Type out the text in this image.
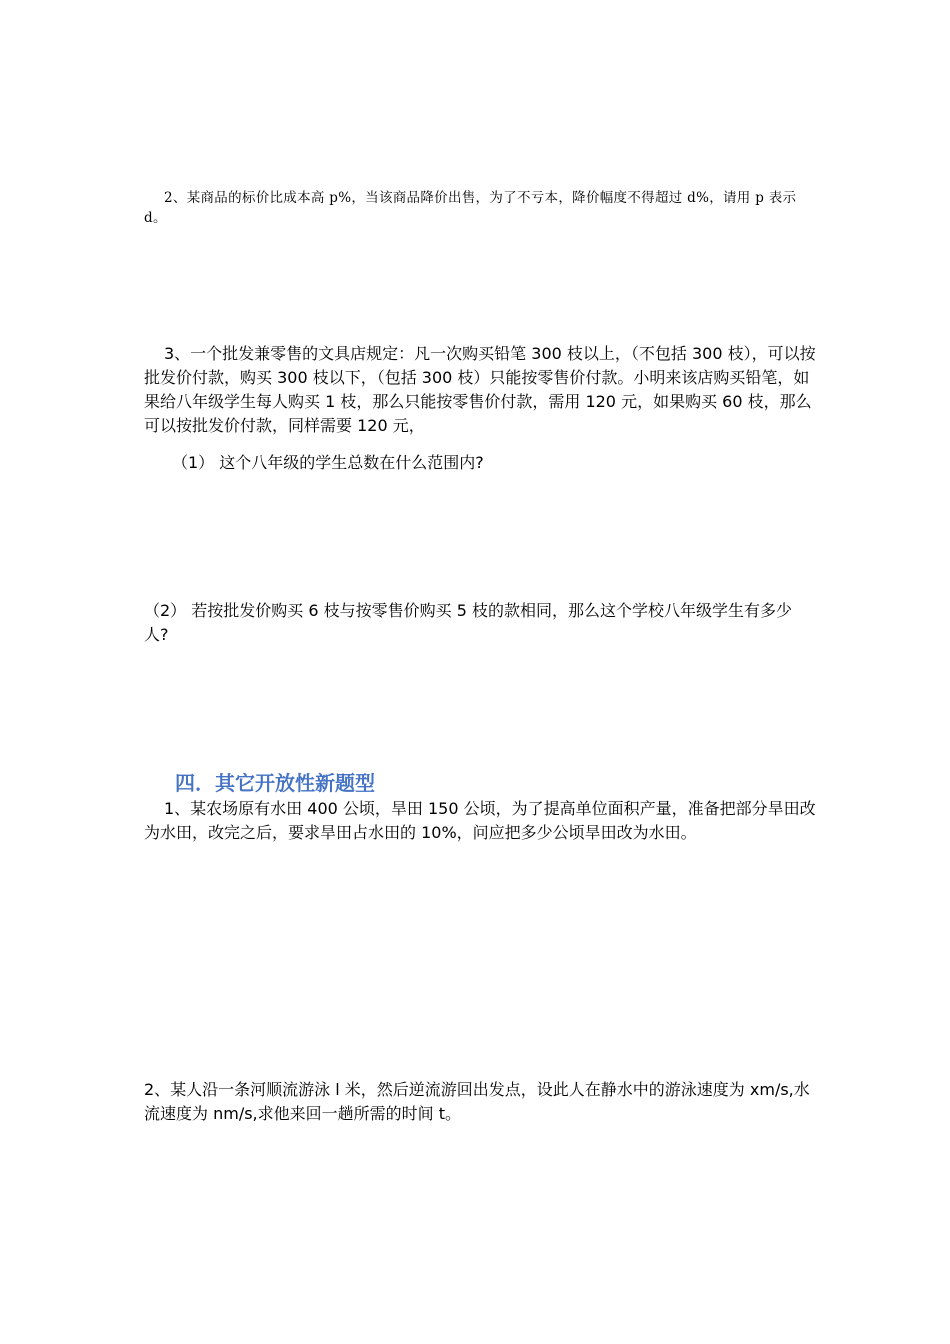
2、某商品的标价比成本高 p%，当该商品降价出售，为了不亏本，降价幅度不得超过 d%，请用 p 表示 d。

3、一个批发兼零售的文具店规定：凡一次购买铅笔 300 枝以上，（不包括 300 枝），可以按批发价付款，购买 300 枝以下，（包括 300 枝）只能按零售价付款。小明来该店购买铅笔，如果给八年级学生每人购买 1 枝，那么只能按零售价付款，需用 120 元，如果购买 60 枝，那么可以按批发价付款，同样需要 120 元，

（1） 这个八年级的学生总数在什么范围内?

（2） 若按批发价购买 6 枝与按零售价购买 5 枝的款相同，那么这个学校八年级学生有多少人?

四．其它开放性新题型

1、某农场原有水田 400 公顷，旱田 150 公顷，为了提高单位面积产量，准备把部分旱田改为水田，改完之后，要求旱田占水田的 10%，问应把多少公顷旱田改为水田。

2、某人沿一条河顺流游泳 l 米，然后逆流游回出发点，设此人在静水中的游泳速度为 xm/s,水流速度为 nm/s,求他来回一趟所需的时间 t。
